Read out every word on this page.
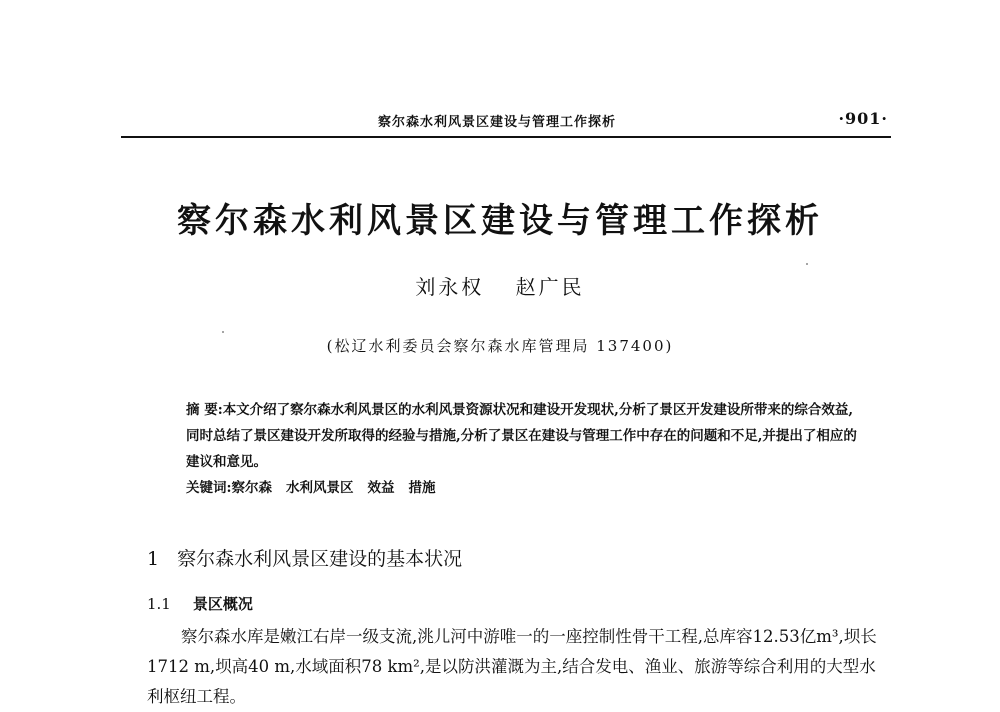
察尔森水利风景区建设与管理工作探析	·901·
察尔森水利风景区建设与管理工作探析
刘永权 赵广民
(松辽水利委员会察尔森水库管理局 137400)

摘 要:本文介绍了察尔森水利风景区的水利风景资源状况和建设开发现状,分析了景区开发建设所带来的综合效益,同时总结了景区建设开发所取得的经验与措施,分析了景区在建设与管理工作中存在的问题和不足,并提出了相应的建议和意见。

关键词:察尔森 水利风景区 效益 措施

1 察尔森水利风景区建设的基本状况
1.1 景区概况

察尔森水库是嫩江右岸一级支流,洮儿河中游唯一的一座控制性骨干工程,总库容12.53亿m³,坝长1712 m,坝高40 m,水域面积78 km²,是以防洪灌溉为主,结合发电、渔业、旅游等综合利用的大型水利枢纽工程。
